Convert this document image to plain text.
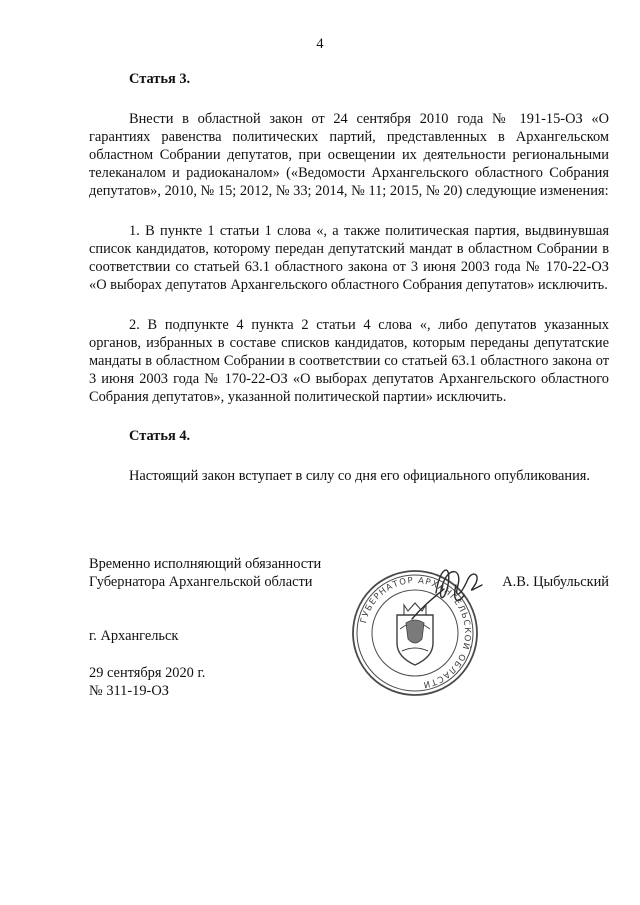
4

Статья 3.

Внести в областной закон от 24 сентября 2010 года № 191-15-ОЗ «О гарантиях равенства политических партий, представленных в Архангельском областном Собрании депутатов, при освещении их деятельности региональными телеканалом и радиоканалом» («Ведомости Архангельского областного Собрания депутатов», 2010, № 15; 2012, № 33; 2014, № 11; 2015, № 20) следующие изменения:

1. В пункте 1 статьи 1 слова «, а также политическая партия, выдвинувшая список кандидатов, которому передан депутатский мандат в областном Собрании в соответствии со статьей 63.1 областного закона от 3 июня 2003 года № 170-22-ОЗ «О выборах депутатов Архангельского областного Собрания депутатов» исключить.

2. В подпункте 4 пункта 2 статьи 4 слова «, либо депутатов указанных органов, избранных в составе списков кандидатов, которым переданы депутатские мандаты в областном Собрании в соответствии со статьей 63.1 областного закона от 3 июня 2003 года № 170-22-ОЗ «О выборах депутатов Архангельского областного Собрания депутатов», указанной политической партии» исключить.

Статья 4.

Настоящий закон вступает в силу со дня его официального опубликования.

Временно исполняющий обязанности
Губернатора Архангельской области	А.В. Цыбульский
ГУБЕРНАТОР АРХАНГЕЛЬСКОЙ ОБЛАСТИ
г. Архангельск
29 сентября 2020 г.
№ 311-19-ОЗ
